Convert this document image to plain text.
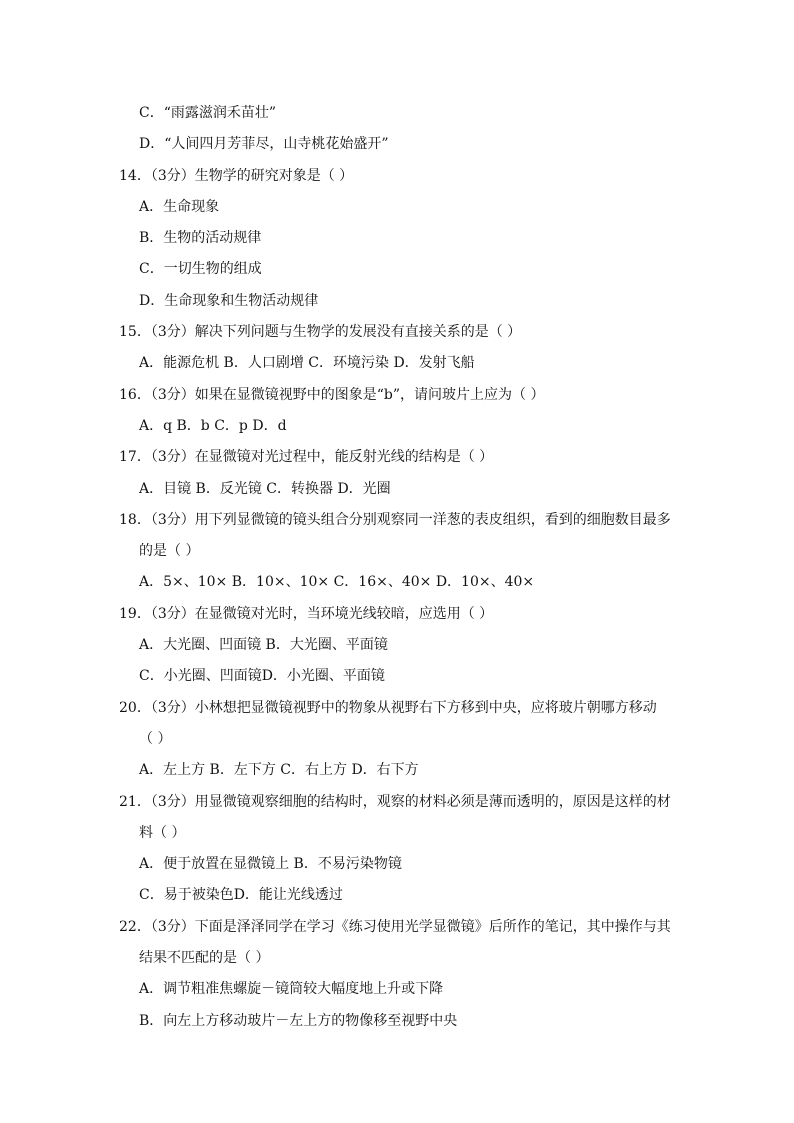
C．“雨露滋润禾苗壮”
D．“人间四月芳菲尽，山寺桃花始盛开”
14．（3分）生物学的研究对象是（ ）
A．生命现象
B．生物的活动规律
C．一切生物的组成
D．生命现象和生物活动规律
15．（3分）解决下列问题与生物学的发展没有直接关系的是（ ）
A．能源危机 B．人口剧增 C．环境污染 D．发射飞船
16．（3分）如果在显微镜视野中的图象是“b”，请问玻片上应为（ ）
A．q B．b C．p D．d
17．（3分）在显微镜对光过程中，能反射光线的结构是（ ）
A．目镜 B．反光镜 C．转换器 D．光圈
18．（3分）用下列显微镜的镜头组合分别观察同一洋葱的表皮组织，看到的细胞数目最多
的是（ ）
A．5×、10× B．10×、10× C．16×、40× D．10×、40×
19．（3分）在显微镜对光时，当环境光线较暗，应选用（ ）
A．大光圈、凹面镜 B．大光圈、平面镜
C．小光圈、凹面镜D．小光圈、平面镜
20．（3分）小林想把显微镜视野中的物象从视野右下方移到中央，应将玻片朝哪方移动
（ ）
A．左上方 B．左下方 C．右上方 D．右下方
21．（3分）用显微镜观察细胞的结构时，观察的材料必须是薄而透明的，原因是这样的材
料（ ）
A．便于放置在显微镜上 B．不易污染物镜
C．易于被染色D．能让光线透过
22．（3分）下面是泽泽同学在学习《练习使用光学显微镜》后所作的笔记，其中操作与其
结果不匹配的是（ ）
A．调节粗准焦螺旋－镜筒较大幅度地上升或下降
B．向左上方移动玻片－左上方的物像移至视野中央
